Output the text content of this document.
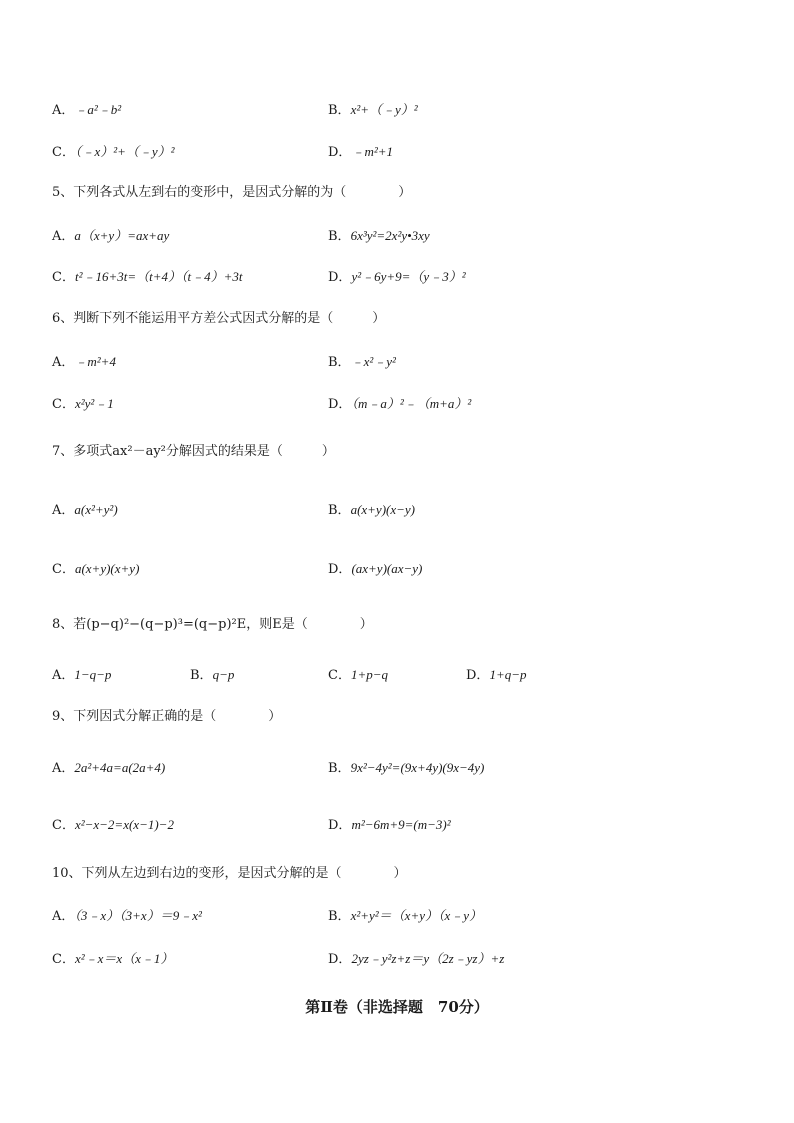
A．﹣a²﹣b²	B．x²+（﹣y）²
C．（﹣x）²+（﹣y）²	D．﹣m²+1
5、下列各式从左到右的变形中，是因式分解的为（　　　　）
A．a（x+y）=ax+ay	B．6x³y²=2x²y•3xy
C．t²﹣16+3t=（t+4）（t﹣4）+3t	D．y²﹣6y+9=（y﹣3）²
6、判断下列不能运用平方差公式因式分解的是（　　　）
A．﹣m²+4	B．﹣x²﹣y²
C．x²y²﹣1	D．（m﹣a）²﹣（m+a）²
7、多项式ax²－ay²分解因式的结果是（　　　）
A．a(x²+y²)	B．a(x+y)(x−y)
C．a(x+y)(x+y)	D．(ax+y)(ax−y)
8、若(p−q)²−(q−p)³=(q−p)²E，则E是（　　　　）
A．1−q−p	B．q−p	C．1+p−q	D．1+q−p
9、下列因式分解正确的是（　　　　）
A．2a²+4a=a(2a+4)	B．9x²−4y²=(9x+4y)(9x−4y)
C．x²−x−2=x(x−1)−2	D．m²−6m+9=(m−3)²
10、下列从左边到右边的变形，是因式分解的是（　　　　）
A．（3﹣x）（3+x）＝9﹣x²	B．x²+y²＝（x+y）（x﹣y）
C．x²﹣x＝x（x﹣1）	D．2yz﹣y²z+z＝y（2z﹣yz）+z
第Ⅱ卷（非选择题　70分）
